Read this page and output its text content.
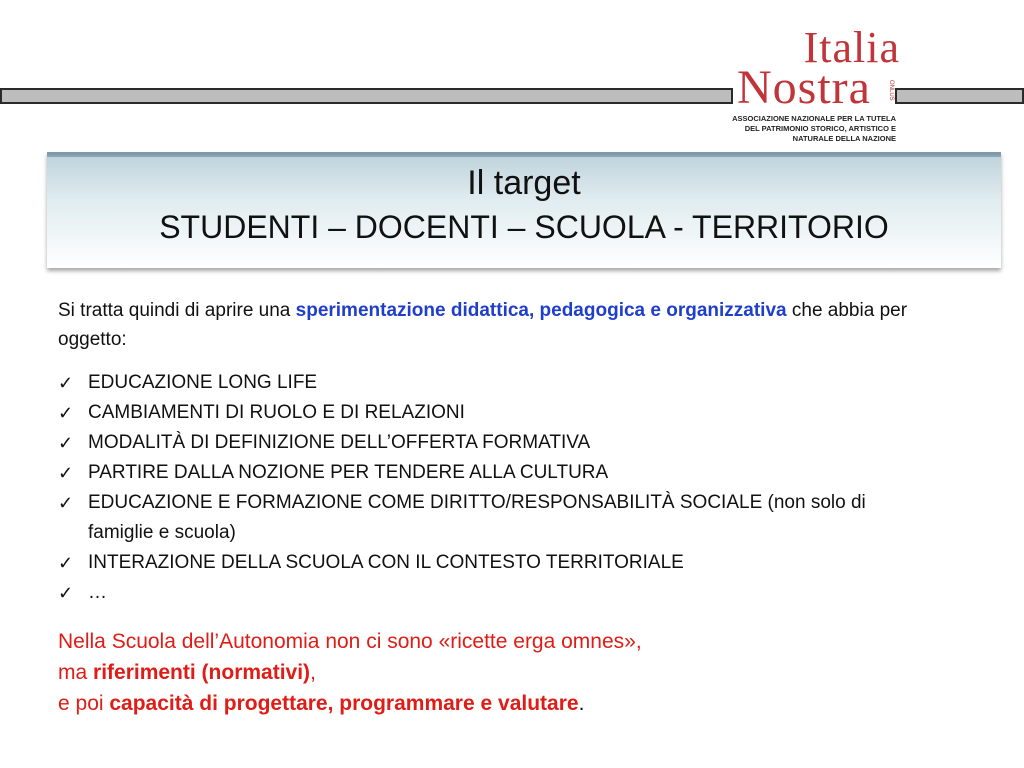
Italia
Nostra	ONLUS
ASSOCIAZIONE NAZIONALE PER LA TUTELA
DEL PATRIMONIO STORICO, ARTISTICO E
NATURALE DELLA NAZIONE
Il target
STUDENTI – DOCENTI – SCUOLA - TERRITORIO
Si tratta quindi di aprire una sperimentazione didattica, pedagogica e organizzativa che abbia per oggetto:
✓ EDUCAZIONE LONG LIFE
✓ CAMBIAMENTI DI RUOLO E DI RELAZIONI
✓ MODALITÀ DI DEFINIZIONE DELL’OFFERTA FORMATIVA
✓ PARTIRE DALLA NOZIONE PER TENDERE ALLA CULTURA
✓ EDUCAZIONE E FORMAZIONE COME DIRITTO/RESPONSABILITÀ SOCIALE (non solo di famiglie e scuola)
✓ INTERAZIONE DELLA SCUOLA CON IL CONTESTO TERRITORIALE
✓ …
Nella Scuola dell’Autonomia non ci sono «ricette erga omnes»,
ma riferimenti (normativi),
e poi capacità di progettare, programmare e valutare.
